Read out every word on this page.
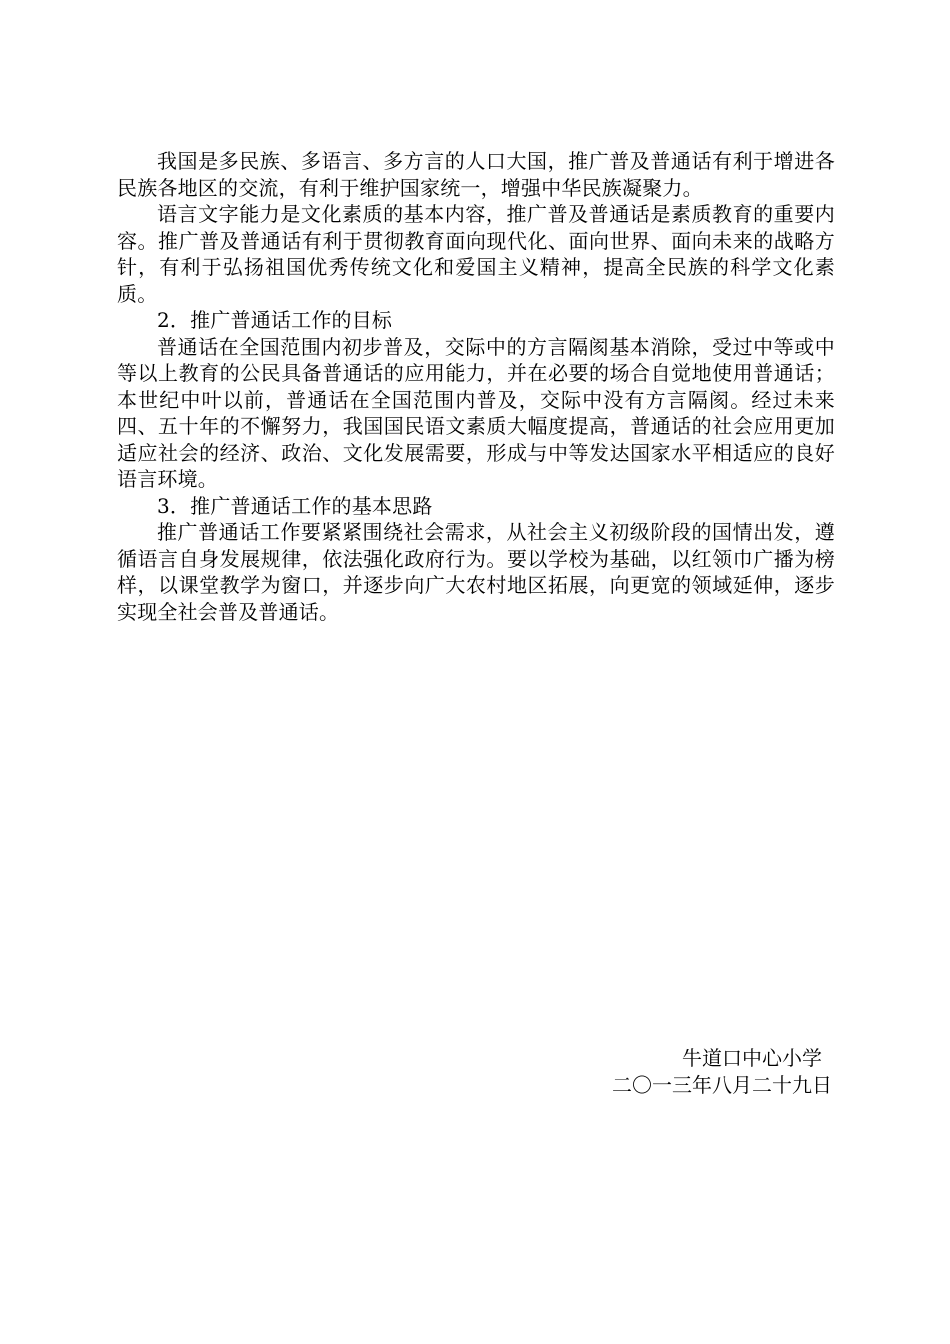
我国是多民族、多语言、多方言的人口大国，推广普及普通话有利于增进各民族各地区的交流，有利于维护国家统一，增强中华民族凝聚力。

语言文字能力是文化素质的基本内容，推广普及普通话是素质教育的重要内容。推广普及普通话有利于贯彻教育面向现代化、面向世界、面向未来的战略方针，有利于弘扬祖国优秀传统文化和爱国主义精神，提高全民族的科学文化素质。

2．推广普通话工作的目标

普通话在全国范围内初步普及，交际中的方言隔阂基本消除，受过中等或中等以上教育的公民具备普通话的应用能力，并在必要的场合自觉地使用普通话；本世纪中叶以前，普通话在全国范围内普及，交际中没有方言隔阂。经过未来四、五十年的不懈努力，我国国民语文素质大幅度提高，普通话的社会应用更加适应社会的经济、政治、文化发展需要，形成与中等发达国家水平相适应的良好语言环境。

3．推广普通话工作的基本思路

推广普通话工作要紧紧围绕社会需求，从社会主义初级阶段的国情出发，遵循语言自身发展规律，依法强化政府行为。要以学校为基础，以红领巾广播为榜样，以课堂教学为窗口，并逐步向广大农村地区拓展，向更宽的领域延伸，逐步实现全社会普及普通话。

牛道口中心小学
二〇一三年八月二十九日
